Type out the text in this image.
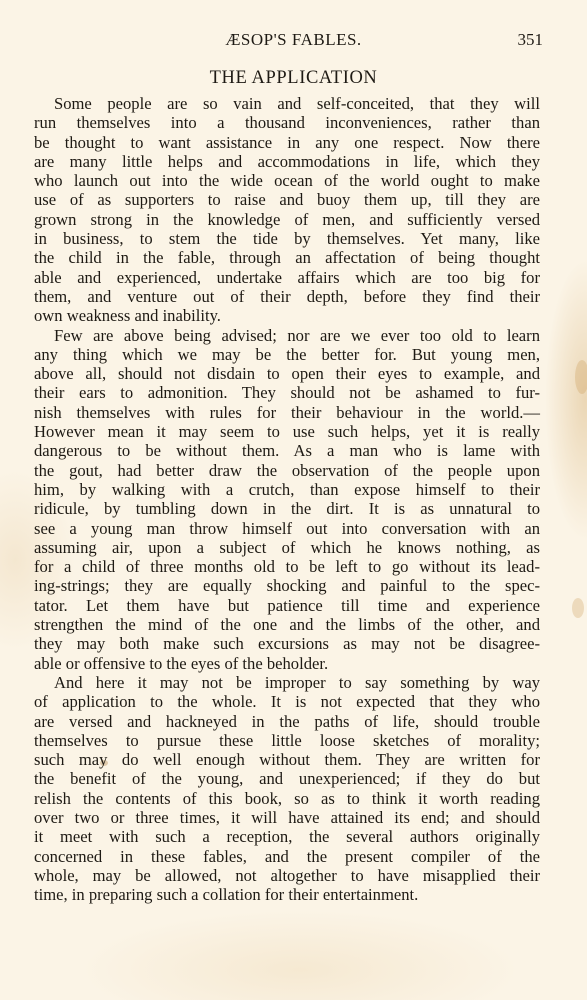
ÆSOP'S FABLES.	351
THE APPLICATION
Some people are so vain and self-conceited, that they will
run themselves into a thousand inconveniences, rather than
be thought to want assistance in any one respect. Now there
are many little helps and accommodations in life, which they
who launch out into the wide ocean of the world ought to make
use of as supporters to raise and buoy them up, till they are
grown strong in the knowledge of men, and sufficiently versed
in business, to stem the tide by themselves. Yet many, like
the child in the fable, through an affectation of being thought
able and experienced, undertake affairs which are too big for
them, and venture out of their depth, before they find their
own weakness and inability.
Few are above being advised; nor are we ever too old to learn
any thing which we may be the better for. But young men,
above all, should not disdain to open their eyes to example, and
their ears to admonition. They should not be ashamed to fur-
nish themselves with rules for their behaviour in the world.—
However mean it may seem to use such helps, yet it is really
dangerous to be without them. As a man who is lame with
the gout, had better draw the observation of the people upon
him, by walking with a crutch, than expose himself to their
ridicule, by tumbling down in the dirt. It is as unnatural to
see a young man throw himself out into conversation with an
assuming air, upon a subject of which he knows nothing, as
for a child of three months old to be left to go without its lead-
ing-strings; they are equally shocking and painful to the spec-
tator. Let them have but patience till time and experience
strengthen the mind of the one and the limbs of the other, and
they may both make such excursions as may not be disagree-
able or offensive to the eyes of the beholder.
And here it may not be improper to say something by way
of application to the whole. It is not expected that they who
are versed and hackneyed in the paths of life, should trouble
themselves to pursue these little loose sketches of morality;
such may do well enough without them. They are written for
the benefit of the young, and unexperienced; if they do but
relish the contents of this book, so as to think it worth reading
over two or three times, it will have attained its end; and should
it meet with such a reception, the several authors originally
concerned in these fables, and the present compiler of the
whole, may be allowed, not altogether to have misapplied their
time, in preparing such a collation for their entertainment.
